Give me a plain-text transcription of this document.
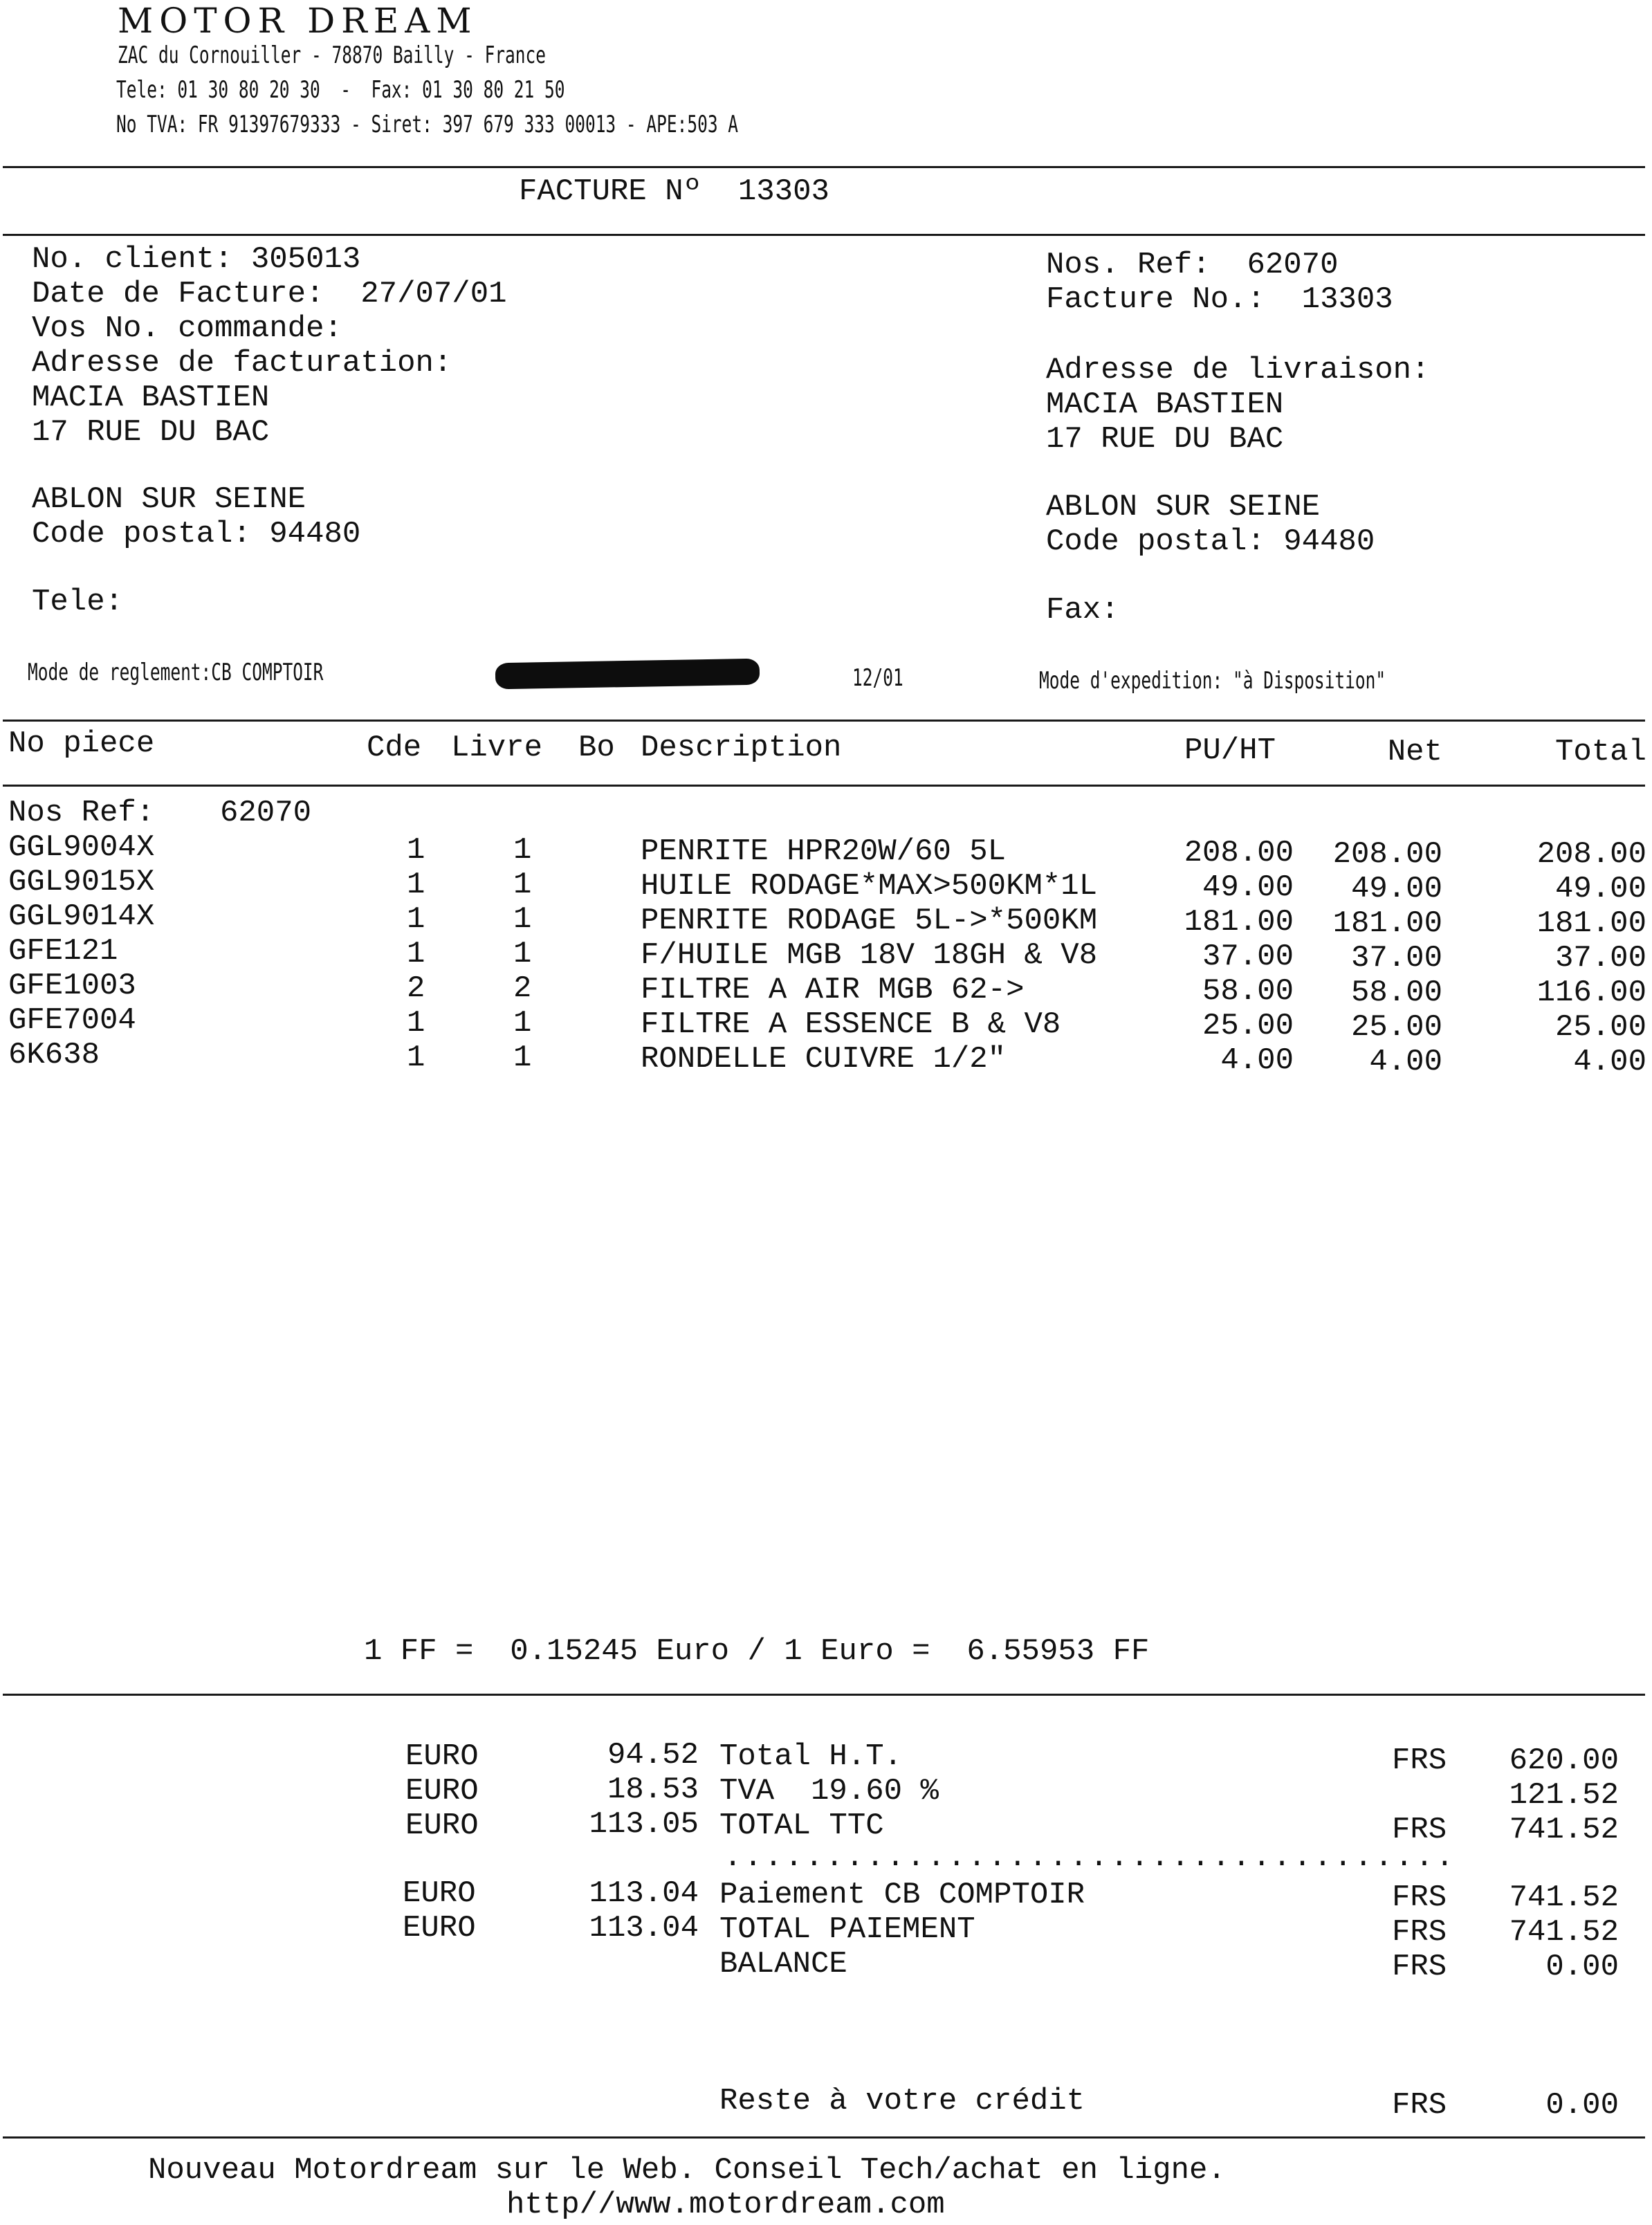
MOTOR DREAM
ZAC du Cornouiller - 78870 Bailly - France
Tele: 01 30 80 20 30  -  Fax: 01 30 80 21 50
No TVA: FR 91397679333 - Siret: 397 679 333 00013 - APE:503 A
FACTURE Nº  13303
No. client: 305013
Date de Facture:  27/07/01
Vos No. commande:
Adresse de facturation:
MACIA BASTIEN
17 RUE DU BAC
ABLON SUR SEINE
Code postal: 94480
Tele:
Nos. Ref:  62070
Facture No.:  13303
Adresse de livraison:
MACIA BASTIEN
17 RUE DU BAC
ABLON SUR SEINE
Code postal: 94480
Fax:
Mode de reglement:CB COMPTOIR	12/01	Mode d'expedition: "à Disposition"
No piece	Cde Livre Bo Description	PU/HT	Net	Total
Nos Ref: 62070
GGL9004X	1	1	PENRITE HPR20W/60 5L	208.00	208.00	208.00
GGL9015X	1	1	HUILE RODAGE*MAX>500KM*1L	49.00	49.00	49.00
GGL9014X	1	1	PENRITE RODAGE 5L->*500KM	181.00	181.00	181.00
GFE121	1	1	F/HUILE MGB 18V 18GH & V8	37.00	37.00	37.00
GFE1003	2	2	FILTRE A AIR MGB 62->	58.00	58.00	116.00
GFE7004	1	1	FILTRE A ESSENCE B & V8	25.00	25.00	25.00
6K638	1	1	RONDELLE CUIVRE 1/2"	4.00	4.00	4.00
1 FF =  0.15245 Euro / 1 Euro =  6.55953 FF
EURO	94.52 Total H.T.	FRS	620.00
EURO	18.53 TVA  19.60 %	121.52
EURO	113.05 TOTAL TTC	FRS	741.52
....................................
EURO	113.04 Paiement CB COMPTOIR	FRS	741.52
EURO	113.04 TOTAL PAIEMENT	FRS	741.52
BALANCE	FRS	0.00
Reste à votre crédit	FRS	0.00
Nouveau Motordream sur le Web. Conseil Tech/achat en ligne.
http//www.motordream.com
